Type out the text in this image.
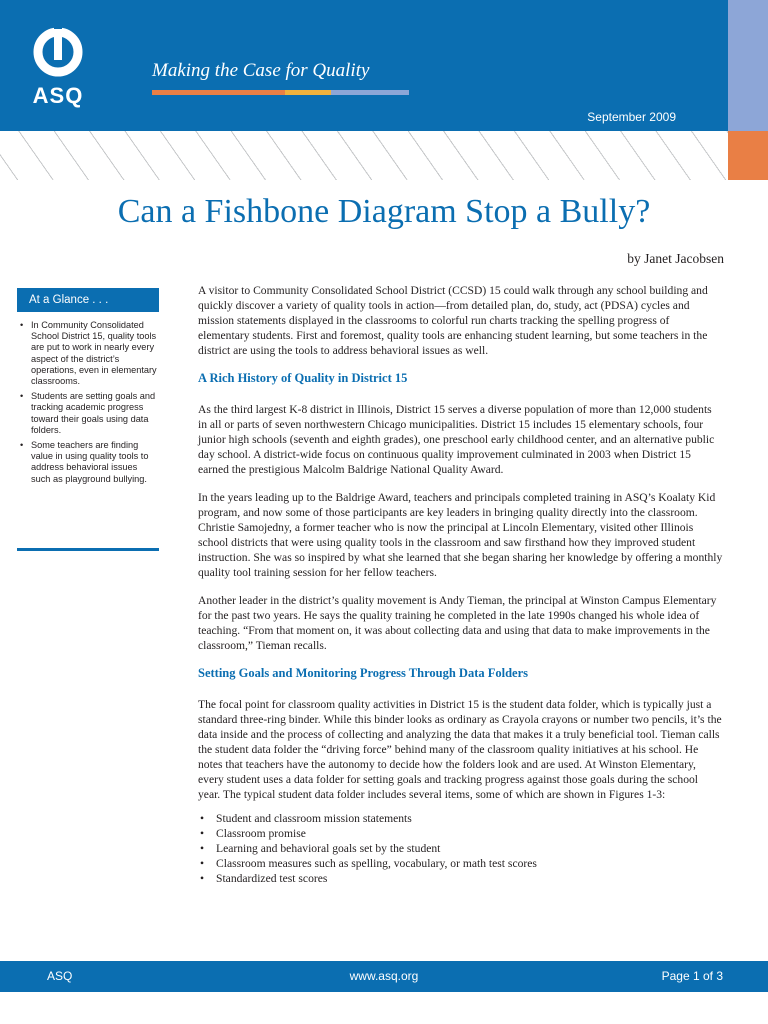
ASQ
Making the Case for Quality
September 2009
Can a Fishbone Diagram Stop a Bully?
by Janet Jacobsen
At a Glance . . .
• In Community Consolidated School District 15, quality tools are put to work in nearly every aspect of the district’s operations, even in elementary classrooms.
• Students are setting goals and tracking academic progress toward their goals using data folders.
• Some teachers are finding value in using quality tools to address behavioral issues such as playground bullying.

A visitor to Community Consolidated School District (CCSD) 15 could walk through any school building and quickly discover a variety of quality tools in action—from detailed plan, do, study, act (PDSA) cycles and mission statements displayed in the classrooms to colorful run charts tracking the spelling progress of elementary students. First and foremost, quality tools are enhancing student learning, but some teachers in the district are using the tools to address behavioral issues as well.

A Rich History of Quality in District 15

As the third largest K-8 district in Illinois, District 15 serves a diverse population of more than 12,000 students in all or parts of seven northwestern Chicago municipalities. District 15 includes 15 elementary schools, four junior high schools (seventh and eighth grades), one preschool early childhood center, and an alternative public day school. A district-wide focus on continuous quality improvement culminated in 2003 when District 15 earned the prestigious Malcolm Baldrige National Quality Award.

In the years leading up to the Baldrige Award, teachers and principals completed training in ASQ’s Koalaty Kid program, and now some of those participants are key leaders in bringing quality directly into the classroom. Christie Samojedny, a former teacher who is now the principal at Lincoln Elementary, visited other Illinois school districts that were using quality tools in the classroom and saw firsthand how they improved student instruction. She was so inspired by what she learned that she began sharing her knowledge by offering a monthly quality tool training session for her fellow teachers.

Another leader in the district’s quality movement is Andy Tieman, the principal at Winston Campus Elementary for the past two years. He says the quality training he completed in the late 1990s changed his whole idea of teaching. “From that moment on, it was about collecting data and using that data to make improvements in the classroom,” Tieman recalls.

Setting Goals and Monitoring Progress Through Data Folders

The focal point for classroom quality activities in District 15 is the student data folder, which is typically just a standard three-ring binder. While this binder looks as ordinary as Crayola crayons or number two pencils, it’s the data inside and the process of collecting and analyzing the data that makes it a truly beneficial tool. Tieman calls the student data folder the “driving force” behind many of the classroom quality initiatives at his school. He notes that teachers have the autonomy to decide how the folders look and are used. At Winston Elementary, every student uses a data folder for setting goals and tracking progress against those goals during the school year. The typical student data folder includes several items, some of which are shown in Figures 1-3:

• Student and classroom mission statements
• Classroom promise
• Learning and behavioral goals set by the student
• Classroom measures such as spelling, vocabulary, or math test scores
• Standardized test scores
ASQ	www.asq.org	Page 1 of 3
